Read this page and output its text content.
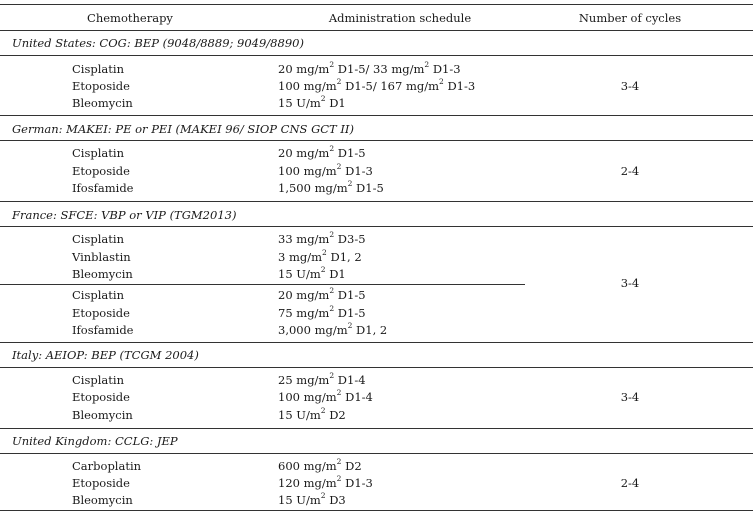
Chemotherapy	Administration schedule	Number of cycles
United States: COG: BEP (9048/8889; 9049/8890)
Cisplatin	20 $mg/m^2$ D1-5/ 33 $mg/m^2$ D1-3
Etoposide	100 $mg/m^2$ D1-5/ 167 $mg/m^2$ D1-3
Bleomycin	15 $U/m^2$ D1
3-4
German: MAKEI: PE or PEI (MAKEI 96/ SIOP CNS GCT II)
Cisplatin	20 $mg/m^2$ D1-5
Etoposide	100 $mg/m^2$ D1-3
Ifosfamide	1,500 $mg/m^2$ D1-5
2-4
France: SFCE: VBP or VIP (TGM2013)
Cisplatin	33 $mg/m^2$ D3-5
Vinblastin	3 $mg/m^2$ D1, 2
Bleomycin	15 $U/m^2$ D1
Cisplatin	20 $mg/m^2$ D1-5
Etoposide	75 $mg/m^2$ D1-5
Ifosfamide	3,000 $mg/m^2$ D1, 2
3-4
Italy: AEIOP: BEP (TCGM 2004)
Cisplatin	25 $mg/m^2$ D1-4
Etoposide	100 $mg/m^2$ D1-4
Bleomycin	15 $U/m^2$ D2
3-4
United Kingdom: CCLG: JEP
Carboplatin	600 $mg/m^2$ D2
Etoposide	120 $mg/m^2$ D1-3
Bleomycin	15 $U/m^2$ D3
2-4
